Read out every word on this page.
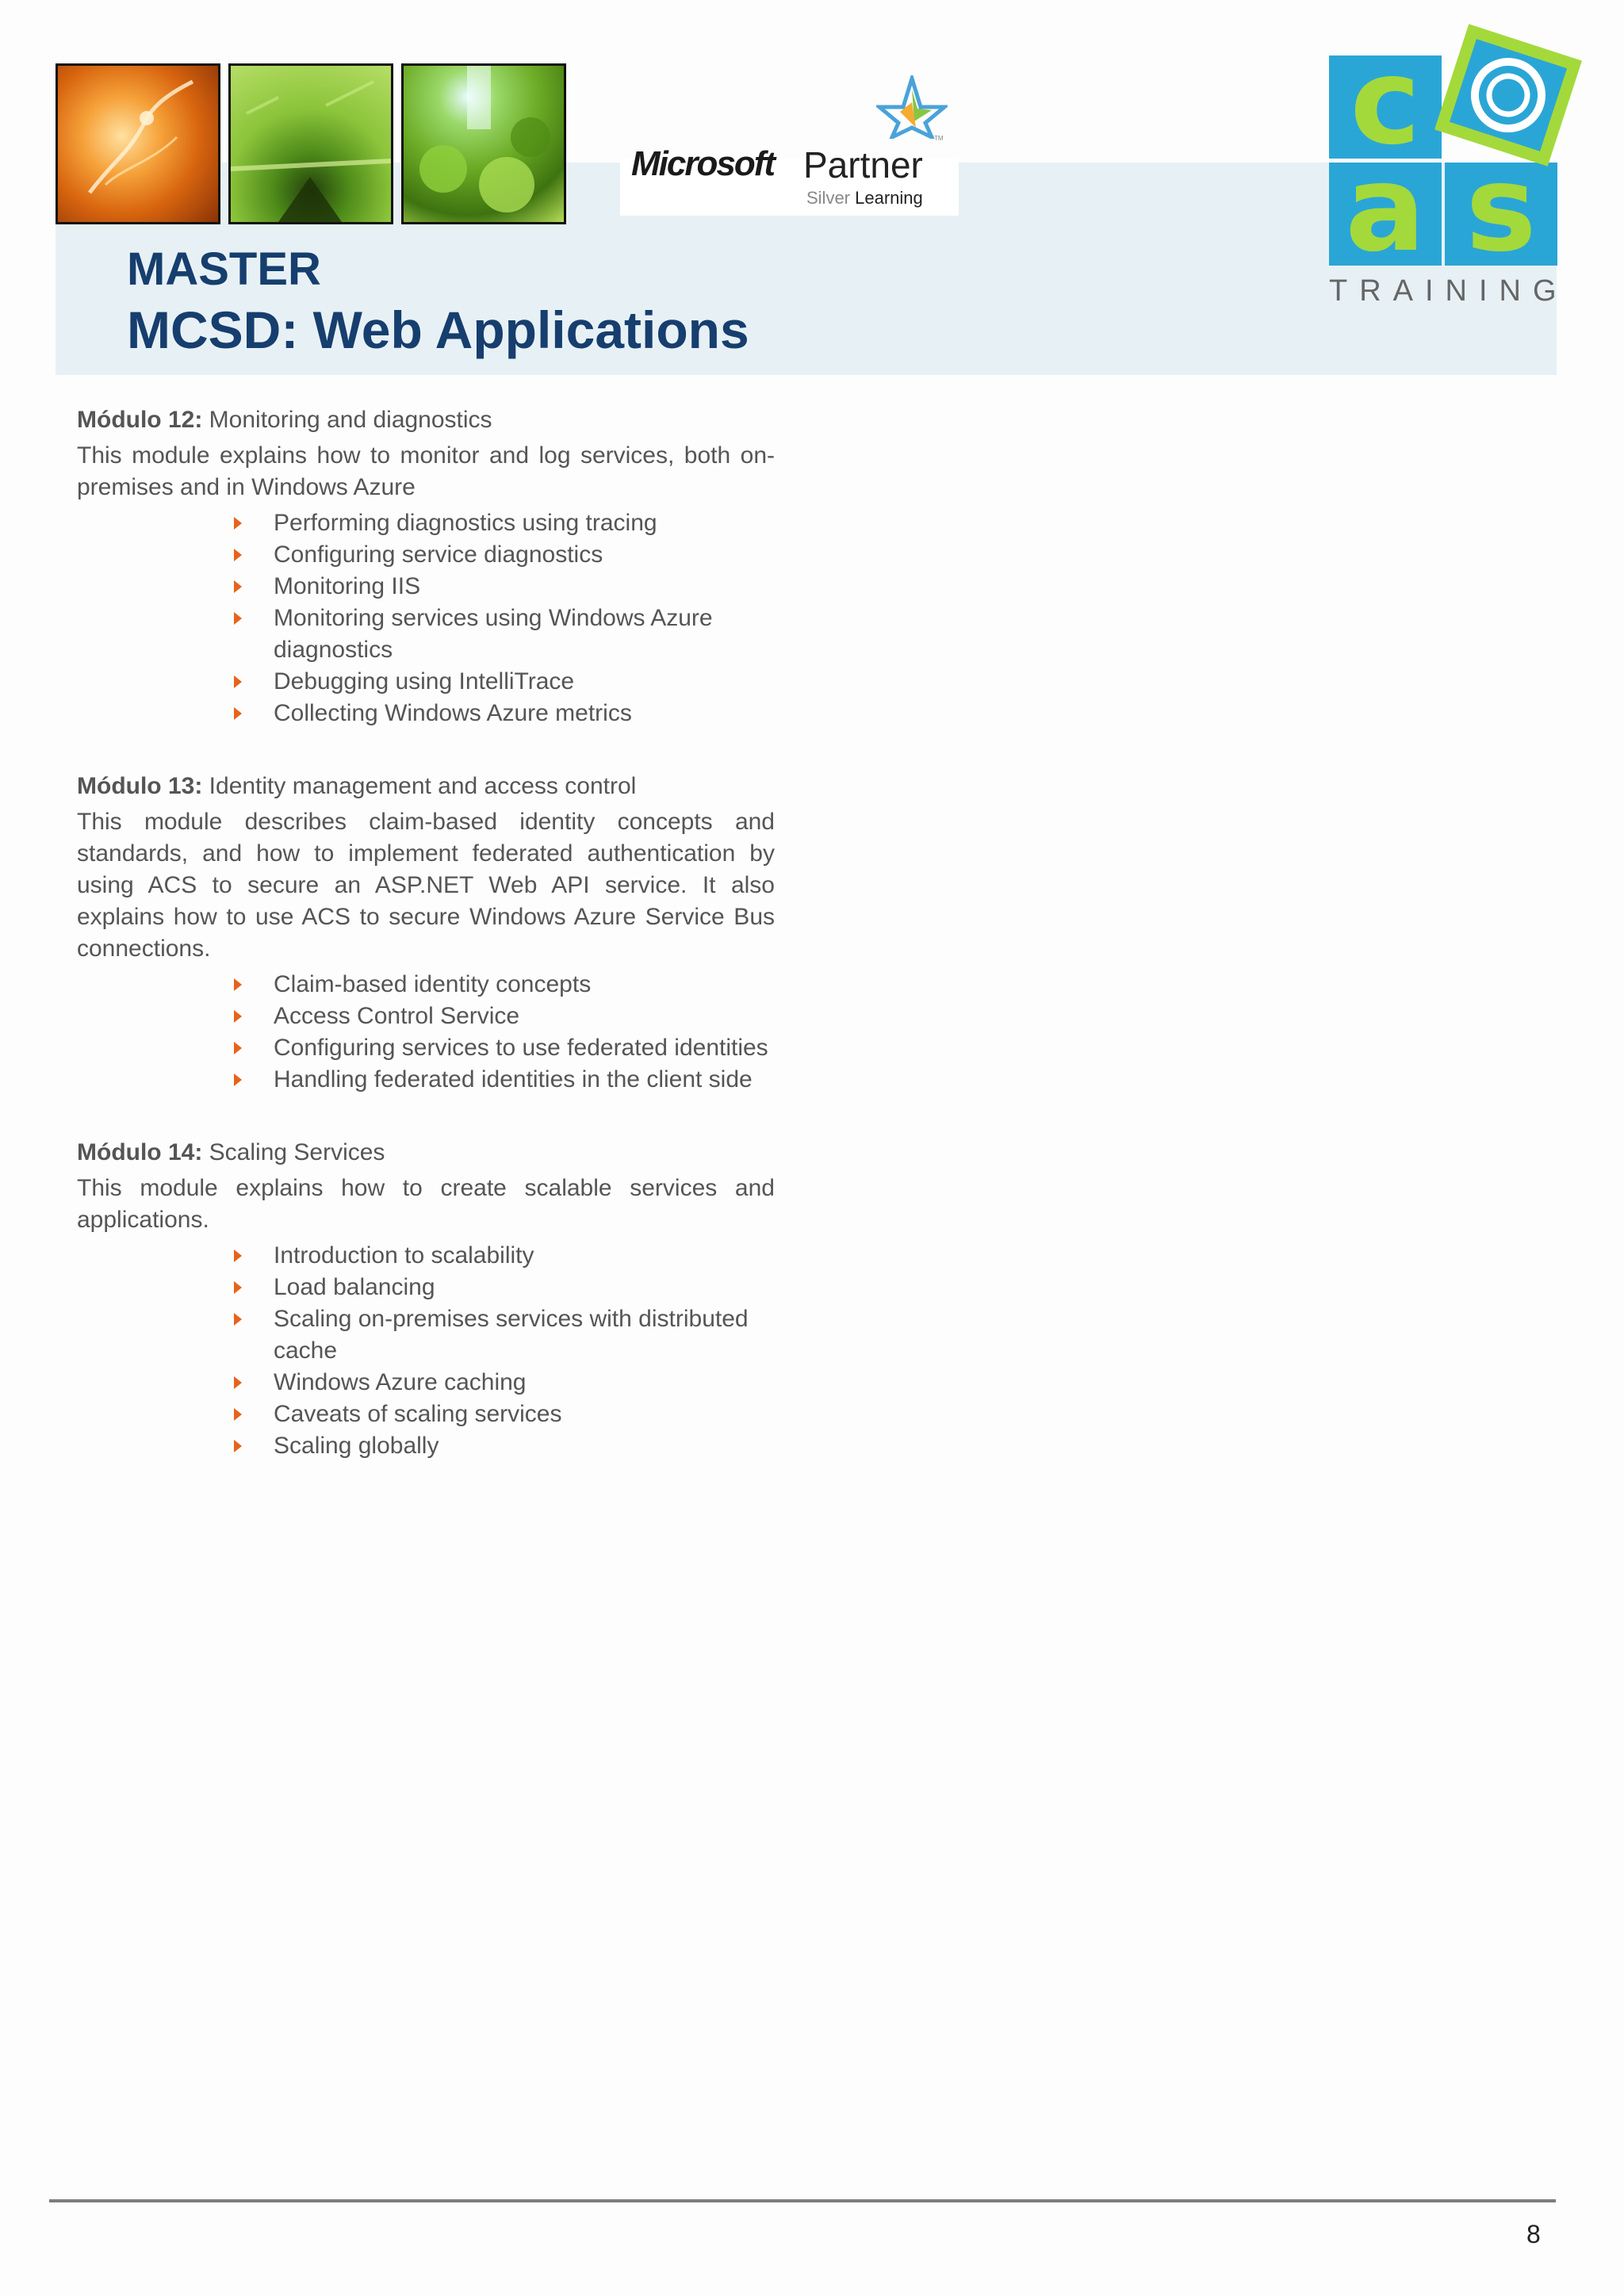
TM
Microsoft Partner
Silver Learning
MASTER
MCSD: Web Applications
c
a s
TRAINING
Módulo 12: Monitoring and diagnostics
This module explains how to monitor and log services, both on-premises and in Windows Azure
Performing diagnostics using tracing
Configuring service diagnostics
Monitoring IIS
Monitoring services using Windows Azure diagnostics
Debugging using IntelliTrace
Collecting Windows Azure metrics
Módulo 13: Identity management and access control
This module describes claim-based identity concepts and standards, and how to implement federated authentication by using ACS to secure an ASP.NET Web API service. It also explains how to use ACS to secure Windows Azure Service Bus connections.
Claim-based identity concepts
Access Control Service
Configuring services to use federated identities
Handling federated identities in the client side
Módulo 14: Scaling Services
This module explains how to create scalable services and applications.
Introduction to scalability
Load balancing
Scaling on-premises services with distributed cache
Windows Azure caching
Caveats of scaling services
Scaling globally
8
